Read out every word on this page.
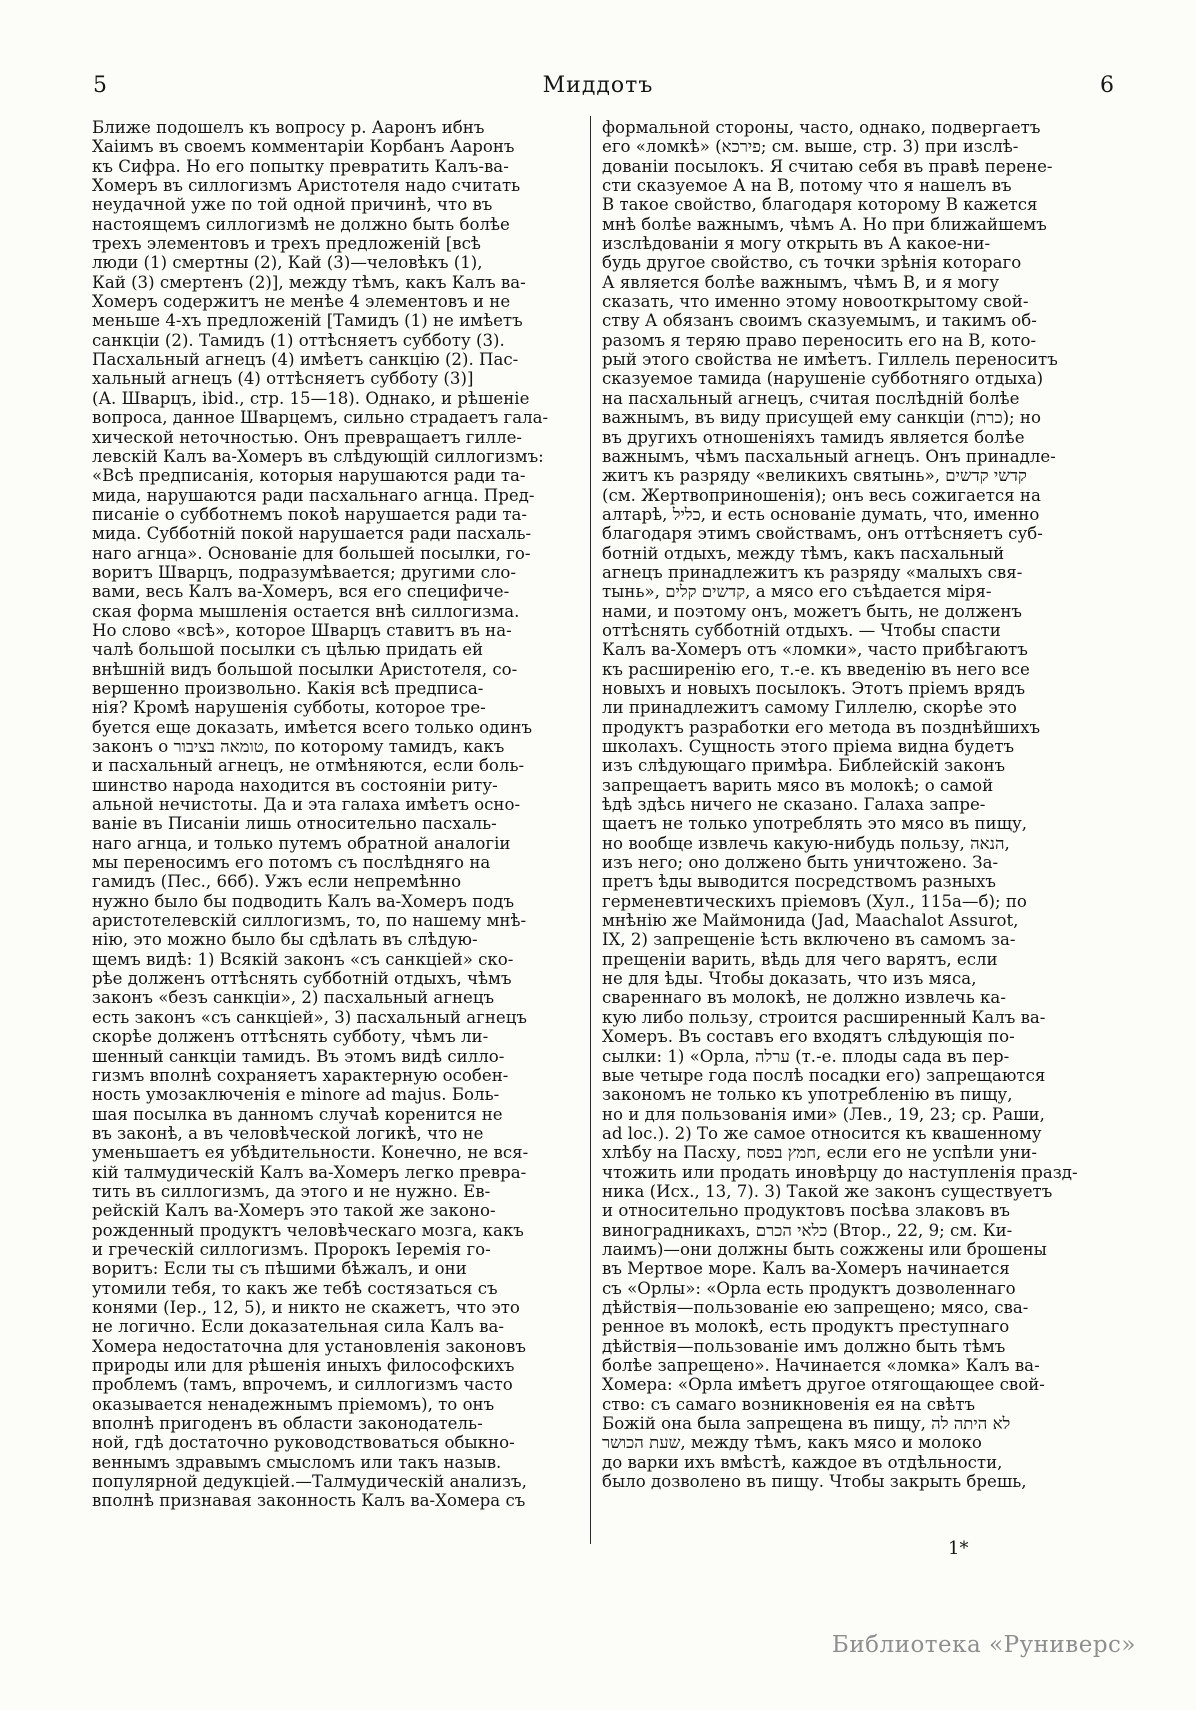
5	Миддотъ	6
Ближе подошелъ къ вопросу р. Ааронъ ибнъ
Хаіимъ въ своемъ комментаріи Корбанъ Ааронъ
къ Сифра. Но его попытку превратить Калъ-ва-
Хомеръ въ силлогизмъ Аристотеля надо считать
неудачной уже по той одной причинѣ, что въ
настоящемъ силлогизмѣ не должно быть болѣе
трехъ элементовъ и трехъ предложеній [всѣ
люди (1) смертны (2), Кай (3)—человѣкъ (1),
Кай (3) смертенъ (2)], между тѣмъ, какъ Калъ ва-
Хомеръ содержитъ не менѣе 4 элементовъ и не
меньше 4-хъ предложеній [Тамидъ (1) не имѣетъ
санкціи (2). Тамидъ (1) оттѣсняетъ субботу (3).
Пасхальный агнецъ (4) имѣетъ санкцію (2). Пас-
хальный агнецъ (4) оттѣсняетъ субботу (3)]
(А. Шварцъ, ibid., стр. 15—18). Однако, и рѣшеніе
вопроса, данное Шварцемъ, сильно страдаетъ гала-
хической неточностью. Онъ превращаетъ гилле-
левскій Калъ ва-Хомеръ въ слѣдующій силлогизмъ:
«Всѣ предписанія, которыя нарушаются ради та-
мида, нарушаются ради пасхальнаго агнца. Пред-
писаніе о субботнемъ покоѣ нарушается ради та-
мида. Субботній покой нарушается ради пасхаль-
наго агнца». Основаніе для большей посылки, го-
воритъ Шварцъ, подразумѣвается; другими сло-
вами, весь Калъ ва-Хомеръ, вся его специфиче-
ская форма мышленія остается внѣ силлогизма.
Но слово «всѣ», которое Шварцъ ставитъ въ на-
чалѣ большой посылки съ цѣлью придать ей
внѣшній видъ большой посылки Аристотеля, со-
вершенно произвольно. Какія всѣ предписа-
нія? Кромѣ нарушенія субботы, которое тре-
буется еще доказать, имѣется всего только одинъ
законъ о טומאה בציבור, по которому тамидъ, какъ
и пасхальный агнецъ, не отмѣняются, если боль-
шинство народа находится въ состояніи риту-
альной нечистоты. Да и эта галаха имѣетъ осно-
ваніе въ Писаніи лишь относительно пасхаль-
наго агнца, и только путемъ обратной аналогіи
мы переносимъ его потомъ съ послѣдняго на
гамидъ (Пес., 66б). Ужъ если непремѣнно
нужно было бы подводить Калъ ва-Хомеръ подъ
аристотелевскій силлогизмъ, то, по нашему мнѣ-
нію, это можно было бы сдѣлать въ слѣдую-
щемъ видѣ: 1) Всякій законъ «съ санкціей» ско-
рѣе долженъ оттѣснять субботній отдыхъ, чѣмъ
законъ «безъ санкціи», 2) пасхальный агнецъ
есть законъ «съ санкціей», 3) пасхальный агнецъ
скорѣе долженъ оттѣснять субботу, чѣмъ ли-
шенный санкціи тамидъ. Въ этомъ видѣ силло-
гизмъ вполнѣ сохраняетъ характерную особен-
ность умозаключенія e minore ad majus. Боль-
шая посылка въ данномъ случаѣ коренится не
въ законѣ, а въ человѣческой логикѣ, что не
уменьшаетъ ея убѣдительности. Конечно, не вся-
кій талмудическій Калъ ва-Хомеръ легко превра-
тить въ силлогизмъ, да этого и не нужно. Ев-
рейскій Калъ ва-Хомеръ это такой же законо-
рожденный продуктъ человѣческаго мозга, какъ
и греческій силлогизмъ. Пророкъ Іеремія го-
воритъ: Если ты съ пѣшими бѣжалъ, и они
утомили тебя, то какъ же тебѣ состязаться съ
конями (Іер., 12, 5), и никто не скажетъ, что это
не логично. Если доказательная сила Калъ ва-
Хомера недостаточна для установленія законовъ
природы или для рѣшенія иныхъ философскихъ
проблемъ (тамъ, впрочемъ, и силлогизмъ часто
оказывается ненадежнымъ пріемомъ), то онъ
вполнѣ пригоденъ въ области законодатель-
ной, гдѣ достаточно руководствоваться обыкно-
веннымъ здравымъ смысломъ или такъ назыв.
популярной дедукціей.—Талмудическій анализъ,
вполнѣ признавая законность Калъ ва-Хомера съ
формальной стороны, часто, однако, подвергаетъ
его «ломкѣ» (פירכא; см. выше, стр. 3) при изслѣ-
дованіи посылокъ. Я считаю себя въ правѣ перене-
сти сказуемое А на В, потому что я нашелъ въ
В такое свойство, благодаря которому В кажется
мнѣ болѣе важнымъ, чѣмъ А. Но при ближайшемъ
изслѣдованіи я могу открыть въ А какое-ни-
будь другое свойство, съ точки зрѣнія котораго
А является болѣе важнымъ, чѣмъ В, и я могу
сказать, что именно этому новооткрытому свой-
ству А обязанъ своимъ сказуемымъ, и такимъ об-
разомъ я теряю право переносить его на В, кото-
рый этого свойства не имѣетъ. Гиллель переноситъ
сказуемое тамида (нарушеніе субботняго отдыха)
на пасхальный агнецъ, считая послѣдній болѣе
важнымъ, въ виду присущей ему санкціи (כרת); но
въ другихъ отношеніяхъ тамидъ является болѣе
важнымъ, чѣмъ пасхальный агнецъ. Онъ принадле-
житъ къ разряду «великихъ святынь», קדשי קדשים
(см. Жертвоприношенія); онъ весь сожигается на
алтарѣ, כליל, и есть основаніе думать, что, именно
благодаря этимъ свойствамъ, онъ оттѣсняетъ суб-
ботній отдыхъ, между тѣмъ, какъ пасхальный
агнецъ принадлежитъ къ разряду «малыхъ свя-
тынь», קדשים קלים, а мясо его съѣдается міря-
нами, и поэтому онъ, можетъ быть, не долженъ
оттѣснять субботній отдыхъ. — Чтобы спасти
Калъ ва-Хомеръ отъ «ломки», часто прибѣгаютъ
къ расширенію его, т.-е. къ введенію въ него все
новыхъ и новыхъ посылокъ. Этотъ пріемъ врядъ
ли принадлежитъ самому Гиллелю, скорѣе это
продуктъ разработки его метода въ позднѣйшихъ
школахъ. Сущность этого пріема видна будетъ
изъ слѣдующаго примѣра. Библейскій законъ
запрещаетъ варить мясо въ молокѣ; о самой
ѣдѣ здѣсь ничего не сказано. Галаха запре-
щаетъ не только употреблять это мясо въ пищу,
но вообще извлечь какую-нибудь пользу, הנאה,
изъ него; оно должено быть уничтожено. За-
претъ ѣды выводится посредствомъ разныхъ
герменевтическихъ пріемовъ (Хул., 115а—б); по
мнѣнію же Маймонида (Jad, Maachalot Assurot,
IX, 2) запрещеніе ѣсть включено въ самомъ за-
прещеніи варить, вѣдь для чего варятъ, если
не для ѣды. Чтобы доказать, что изъ мяса,
свареннаго въ молокѣ, не должно извлечь ка-
кую либо пользу, строится расширенный Калъ ва-
Хомеръ. Въ составъ его входятъ слѣдующія по-
сылки: 1) «Орла, ערלה (т.-е. плоды сада въ пер-
вые четыре года послѣ посадки его) запрещаются
закономъ не только къ употребленію въ пищу,
но и для пользованія ими» (Лев., 19, 23; ср. Раши,
ad loc.). 2) То же самое относится къ квашенному
хлѣбу на Пасху, חמץ בפסח, если его не успѣли уни-
чтожить или продать иновѣрцу до наступленія празд-
ника (Исх., 13, 7). 3) Такой же законъ существуетъ
и относительно продуктовъ посѣва злаковъ въ
виноградникахъ, כלאי הכרם (Втор., 22, 9; см. Ки-
лаимъ)—они должны быть сожжены или брошены
въ Мертвое море. Калъ ва-Хомеръ начинается
съ «Орлы»: «Орла есть продуктъ дозволеннаго
дѣйствія—пользованіе ею запрещено; мясо, сва-
ренное въ молокѣ, есть продуктъ преступнаго
дѣйствія—пользованіе имъ должно быть тѣмъ
болѣе запрещено». Начинается «ломка» Калъ ва-
Хомера: «Орла имѣетъ другое отягощающее свой-
ство: съ самаго возникновенія ея на свѣтъ
Божій она была запрещена въ пищу, לא היתה לה
שעת הכושר, между тѣмъ, какъ мясо и молоко
до варки ихъ вмѣстѣ, каждое въ отдѣльности,
было дозволено въ пищу. Чтобы закрыть брешь,
1*
Библиотека «Руниверс»
